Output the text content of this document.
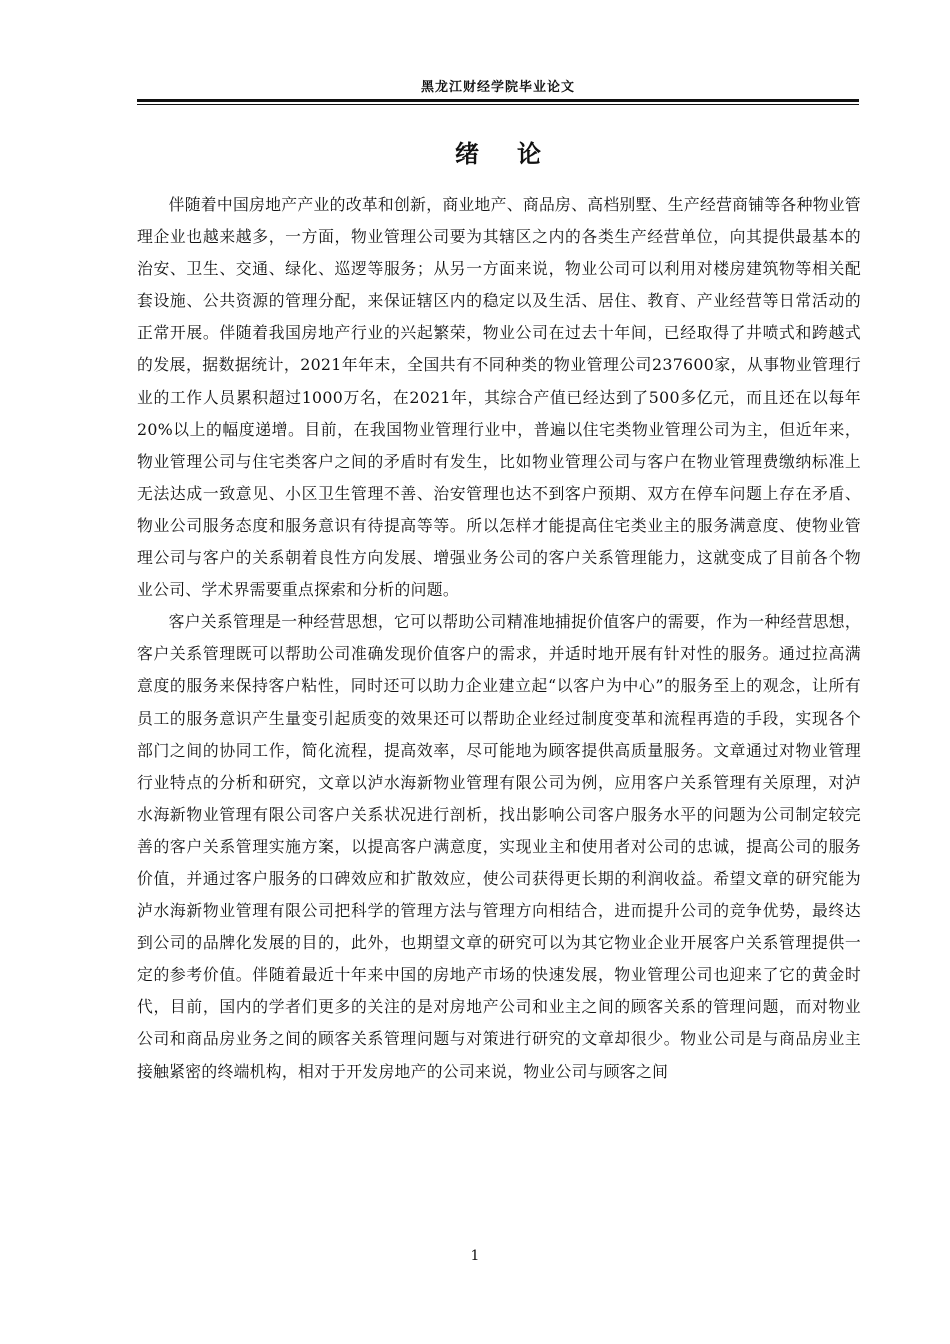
黑龙江财经学院毕业论文
绪论

伴随着中国房地产产业的改革和创新，商业地产、商品房、高档别墅、生产经营商铺等各种物业管理企业也越来越多，一方面，物业管理公司要为其辖区之内的各类生产经营单位，向其提供最基本的治安、卫生、交通、绿化、巡逻等服务；从另一方面来说，物业公司可以利用对楼房建筑物等相关配套设施、公共资源的管理分配，来保证辖区内的稳定以及生活、居住、教育、产业经营等日常活动的正常开展。伴随着我国房地产行业的兴起繁荣，物业公司在过去十年间，已经取得了井喷式和跨越式的发展，据数据统计，2021年年末，全国共有不同种类的物业管理公司237600家，从事物业管理行业的工作人员累积超过1000万名，在2021年，其综合产值已经达到了500多亿元，而且还在以每年20%以上的幅度递增。目前，在我国物业管理行业中，普遍以住宅类物业管理公司为主，但近年来，物业管理公司与住宅类客户之间的矛盾时有发生，比如物业管理公司与客户在物业管理费缴纳标准上无法达成一致意见、小区卫生管理不善、治安管理也达不到客户预期、双方在停车问题上存在矛盾、物业公司服务态度和服务意识有待提高等等。所以怎样才能提高住宅类业主的服务满意度、使物业管理公司与客户的关系朝着良性方向发展、增强业务公司的客户关系管理能力，这就变成了目前各个物业公司、学术界需要重点探索和分析的问题。

客户关系管理是一种经营思想，它可以帮助公司精准地捕捉价值客户的需要，作为一种经营思想，客户关系管理既可以帮助公司准确发现价值客户的需求，并适时地开展有针对性的服务。通过拉高满意度的服务来保持客户粘性，同时还可以助力企业建立起“以客户为中心”的服务至上的观念，让所有员工的服务意识产生量变引起质变的效果还可以帮助企业经过制度变革和流程再造的手段，实现各个部门之间的协同工作，简化流程，提高效率，尽可能地为顾客提供高质量服务。文章通过对物业管理行业特点的分析和研究，文章以泸水海新物业管理有限公司为例，应用客户关系管理有关原理，对泸水海新物业管理有限公司客户关系状况进行剖析，找出影响公司客户服务水平的问题为公司制定较完善的客户关系管理实施方案，以提高客户满意度，实现业主和使用者对公司的忠诚，提高公司的服务价值，并通过客户服务的口碑效应和扩散效应，使公司获得更长期的利润收益。希望文章的研究能为泸水海新物业管理有限公司把科学的管理方法与管理方向相结合，进而提升公司的竞争优势，最终达到公司的品牌化发展的目的，此外，也期望文章的研究可以为其它物业企业开展客户关系管理提供一定的参考价值。伴随着最近十年来中国的房地产市场的快速发展，物业管理公司也迎来了它的黄金时代，目前，国内的学者们更多的关注的是对房地产公司和业主之间的顾客关系的管理问题，而对物业公司和商品房业务之间的顾客关系管理问题与对策进行研究的文章却很少。物业公司是与商品房业主接触紧密的终端机构，相对于开发房地产的公司来说，物业公司与顾客之间

1
